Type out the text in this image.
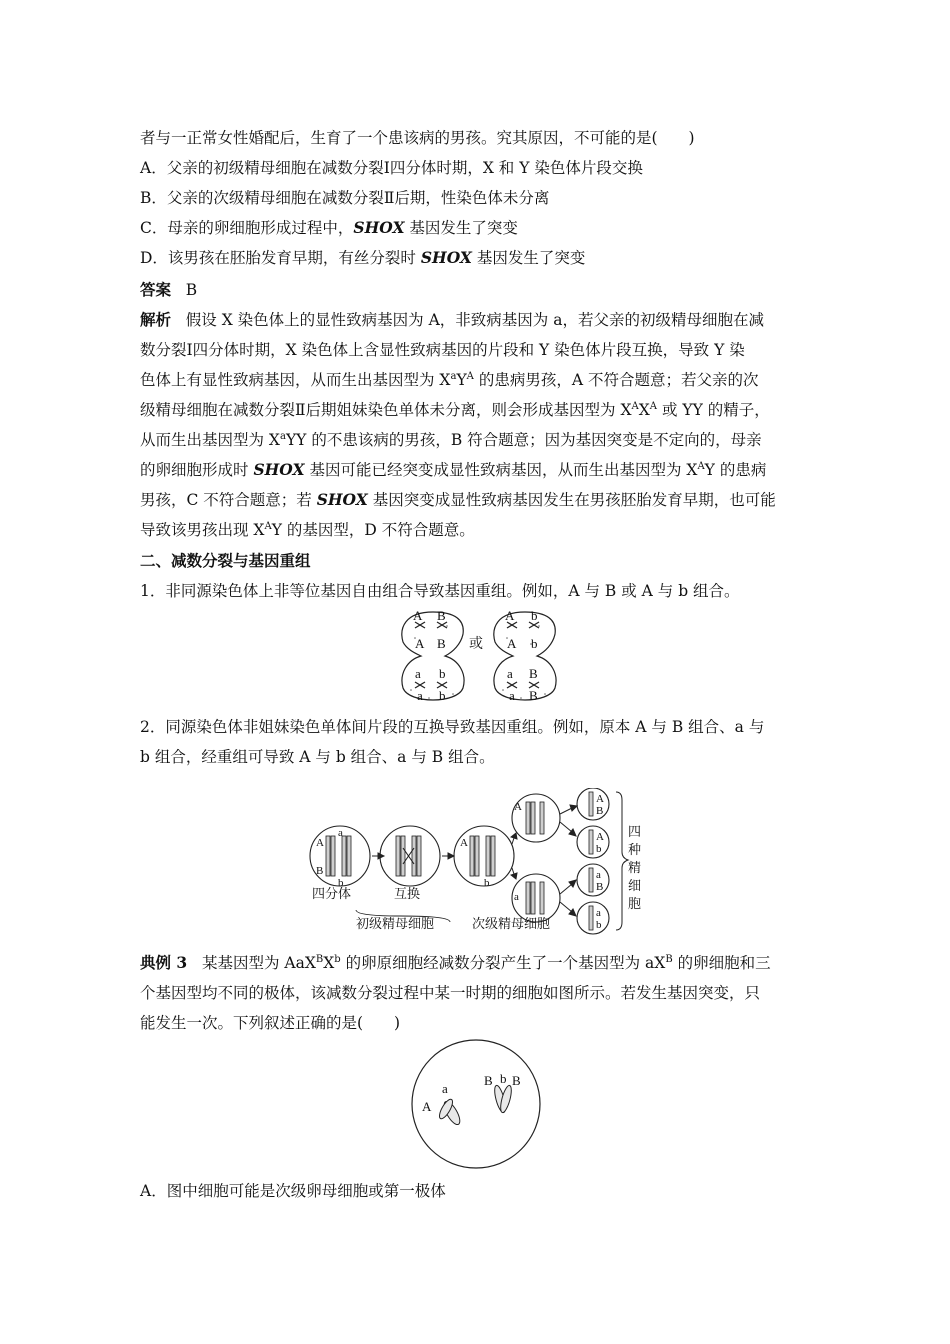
者与一正常女性婚配后，生育了一个患该病的男孩。究其原因，不可能的是(　　)
A．父亲的初级精母细胞在减数分裂Ⅰ四分体时期，X 和 Y 染色体片段交换
B．父亲的次级精母细胞在减数分裂Ⅱ后期，性染色体未分离
C．母亲的卵细胞形成过程中，SHOX 基因发生了突变
D．该男孩在胚胎发育早期，有丝分裂时 SHOX 基因发生了突变
答案 B
解析 假设 X 染色体上的显性致病基因为 A，非致病基因为 a，若父亲的初级精母细胞在减
数分裂Ⅰ四分体时期，X 染色体上含显性致病基因的片段和 Y 染色体片段互换，导致 Y 染
色体上有显性致病基因，从而生出基因型为 $X^aY^A$ 的患病男孩，A 不符合题意；若父亲的次
级精母细胞在减数分裂Ⅱ后期姐妹染色单体未分离，则会形成基因型为 $X^AX^A$ 或 YY 的精子，
从而生出基因型为 $X^aYY$ 的不患该病的男孩，B 符合题意；因为基因突变是不定向的，母亲
的卵细胞形成时 SHOX 基因可能已经突变成显性致病基因，从而生出基因型为 $X^AY$ 的患病
男孩，C 不符合题意；若 SHOX 基因突变成显性致病基因发生在男孩胚胎发育早期，也可能
导致该男孩出现 $X^AY$ 的基因型，D 不符合题意。
二、减数分裂与基因重组
1．非同源染色体上非等位基因自由组合导致基因重组。例如，A 与 B 或 A 与 b 组合。
A B
A B
a b
a b
A b
A b
a B
a B
或
2．同源染色体非姐妹染色单体间片段的互换导致基因重组。例如，原本 A 与 B 组合、a 与
b 组合，经重组可导致 A 与 b 组合、a 与 B 组合。
A
B
a
b
A
b
A
a
A
B
A
b
a
B
a
b
四分体	互换
初级精母细胞	次级精母细胞
四
种
精
细
胞
典例 3 某基因型为 $AaX^BX^b$ 的卵原细胞经减数分裂产生了一个基因型为 $aX^B$ 的卵细胞和三
个基因型均不同的极体，该减数分裂过程中某一时期的细胞如图所示。若发生基因突变，只
能发生一次。下列叙述正确的是(　　)
A
a
B b B
A．图中细胞可能是次级卵母细胞或第一极体
